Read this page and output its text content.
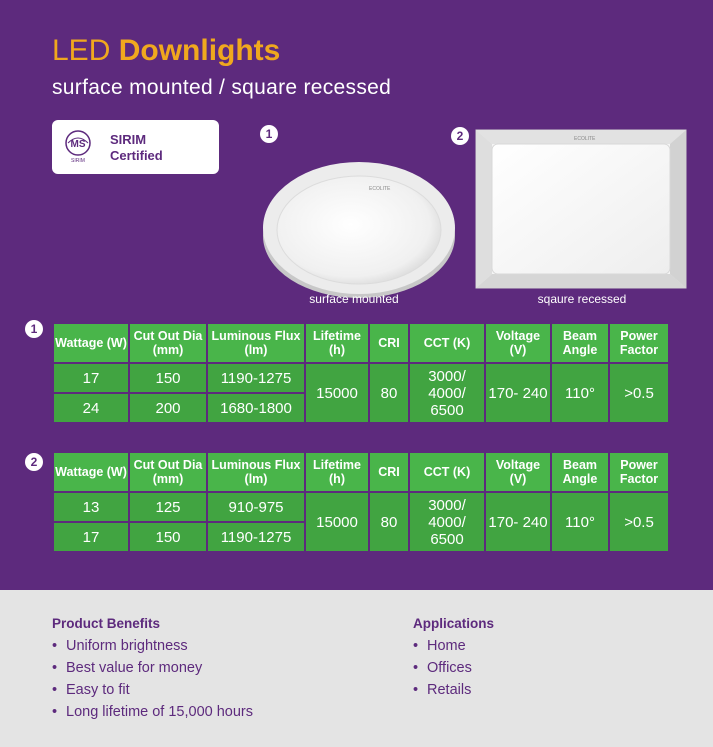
LED Downlights
surface mounted / square recessed
MS
SIRIM
SIRIM
Certified
1
ECOLITE
surface mounted
2	ECOLITE
sqaure recessed
1
Wattage (W)	Cut Out Dia (mm)	Luminous Flux (lm)	Lifetime (h)	CRI	CCT (K)	Voltage (V)	Beam Angle	Power Factor
17	150	1190-1275	15000	80	3000/ 4000/ 6500	170- 240	110°	>0.5
24	200	1680-1800						
2
Wattage (W)	Cut Out Dia (mm)	Luminous Flux (lm)	Lifetime (h)	CRI	CCT (K)	Voltage (V)	Beam Angle	Power Factor
13	125	910-975	15000	80	3000/ 4000/ 6500	170- 240	110°	>0.5
17	150	1190-1275						
Product Benefits
• Uniform brightness
• Best value for money
• Easy to fit
• Long lifetime of 15,000 hours
Applications
• Home
• Offices
• Retails
